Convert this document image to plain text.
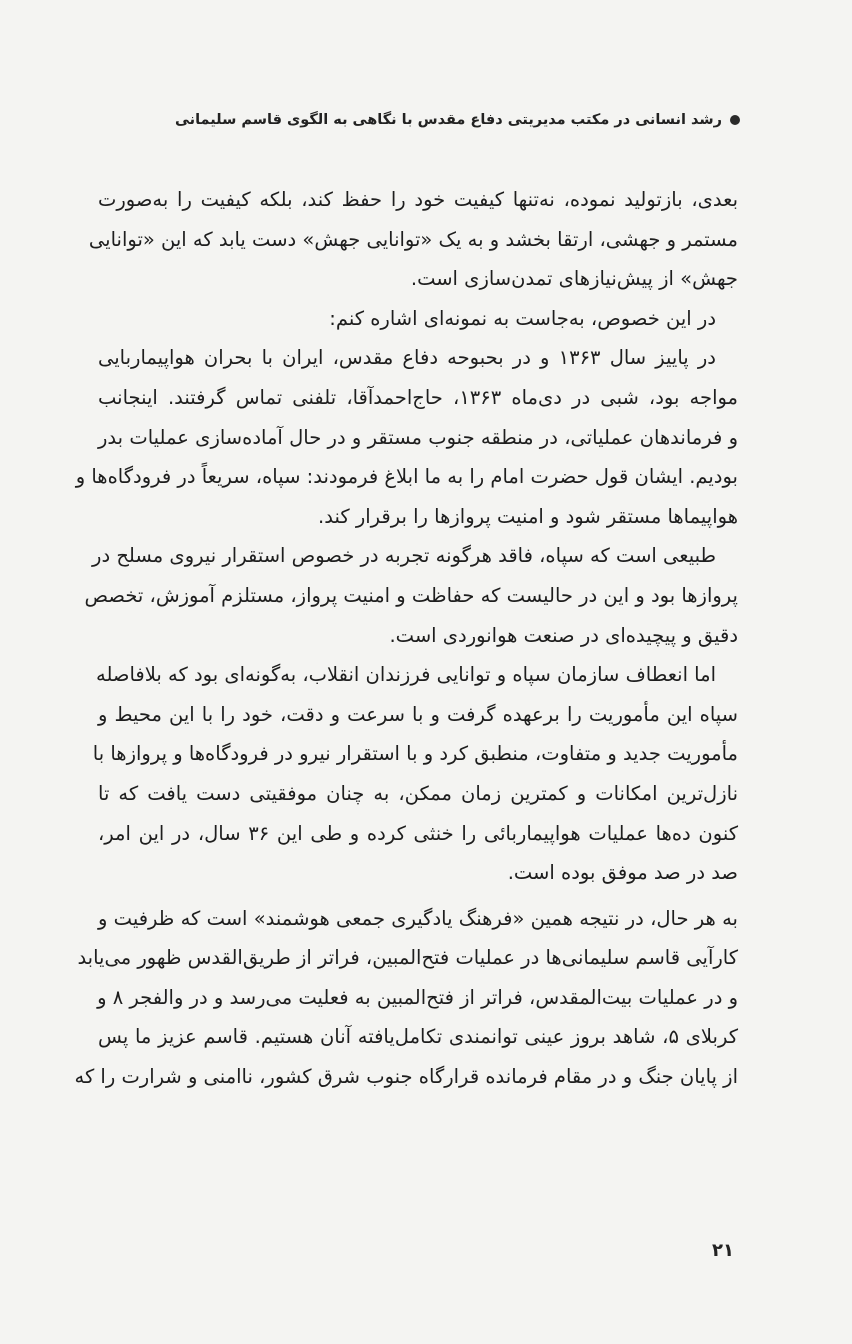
رشد انسانی در مکتب مدیریتی دفاع مقدس با نگاهی به الگوی قاسم سلیمانی
بعدی، بازتولید نموده، نه‌تنها کیفیت خود را حفظ کند، بلکه کیفیت را به‌صورت
مستمر و جهشی، ارتقا بخشد و به یک «توانایی جهش» دست یابد که این «توانایی
جهش» از پیش‌نیازهای تمدن‌سازی است.
در این خصوص، به‌جاست به نمونه‌ای اشاره کنم:
در پاییز سال ۱۳۶۳ و در بحبوحه دفاع مقدس، ایران با بحران هواپیماربایی
مواجه بود، شبی در دی‌ماه ۱۳۶۳، حاج‌احمدآقا، تلفنی تماس گرفتند. اینجانب
و فرماندهان عملیاتی، در منطقه جنوب مستقر و در حال آماده‌سازی عملیات بدر
بودیم. ایشان قول حضرت امام را به ما ابلاغ فرمودند: سپاه، سریعاً در فرودگاه‌ها و
هواپیماها مستقر شود و امنیت پروازها را برقرار کند.
طبیعی است که سپاه، فاقد هرگونه تجربه در خصوص استقرار نیروی مسلح در
پروازها بود و این در حالیست که حفاظت و امنیت پرواز، مستلزم آموزش، تخصص
دقیق و پیچیده‌ای در صنعت هوانوردی است.
اما انعطاف سازمان سپاه و توانایی فرزندان انقلاب، به‌گونه‌ای بود که بلافاصله
سپاه این مأموریت را برعهده گرفت و با سرعت و دقت، خود را با این محیط و
مأموریت جدید و متفاوت، منطبق کرد و با استقرار نیرو در فرودگاه‌ها و پروازها با
نازل‌ترین امکانات و کمترین زمان ممکن، به چنان موفقیتی دست یافت که تا
کنون ده‌ها عملیات هواپیماربائی را خنثی کرده و طی این ۳۶ سال، در این امر،
صد در صد موفق بوده است.
به هر حال، در نتیجه همین «فرهنگ یادگیری جمعی هوشمند» است که ظرفیت و
کارآیی قاسم سلیمانی‌ها در عملیات فتح‌المبین، فراتر از طریق‌القدس ظهور می‌یابد
و در عملیات بیت‌المقدس، فراتر از فتح‌المبین به فعلیت می‌رسد و در والفجر ۸ و
کربلای ۵، شاهد بروز عینی توانمندی تکامل‌یافته آنان هستیم. قاسم عزیز ما پس
از پایان جنگ و در مقام فرمانده قرارگاه جنوب شرق کشور، ناامنی و شرارت را که
۲۱
